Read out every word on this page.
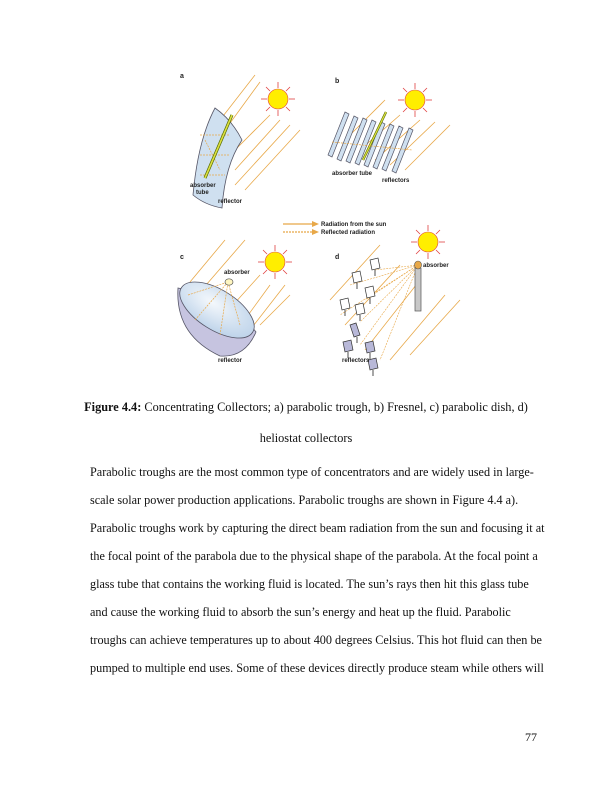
a
absorber
tube
reflector
b
absorber tube
reflectors
Radiation from the sun
Reflected radiation
c
absorber
reflector
d
absorber
reflectors
Figure 4.4: Concentrating Collectors; a) parabolic trough, b) Fresnel, c) parabolic dish, d)
heliostat collectors
Parabolic troughs are the most common type of concentrators and are widely used in large-
scale solar power production applications. Parabolic troughs are shown in Figure 4.4 a).
Parabolic troughs work by capturing the direct beam radiation from the sun and focusing it at
the focal point of the parabola due to the physical shape of the parabola. At the focal point a
glass tube that contains the working fluid is located. The sun’s rays then hit this glass tube
and cause the working fluid to absorb the sun’s energy and heat up the fluid. Parabolic
troughs can achieve temperatures up to about 400 degrees Celsius. This hot fluid can then be
pumped to multiple end uses. Some of these devices directly produce steam while others will
77
